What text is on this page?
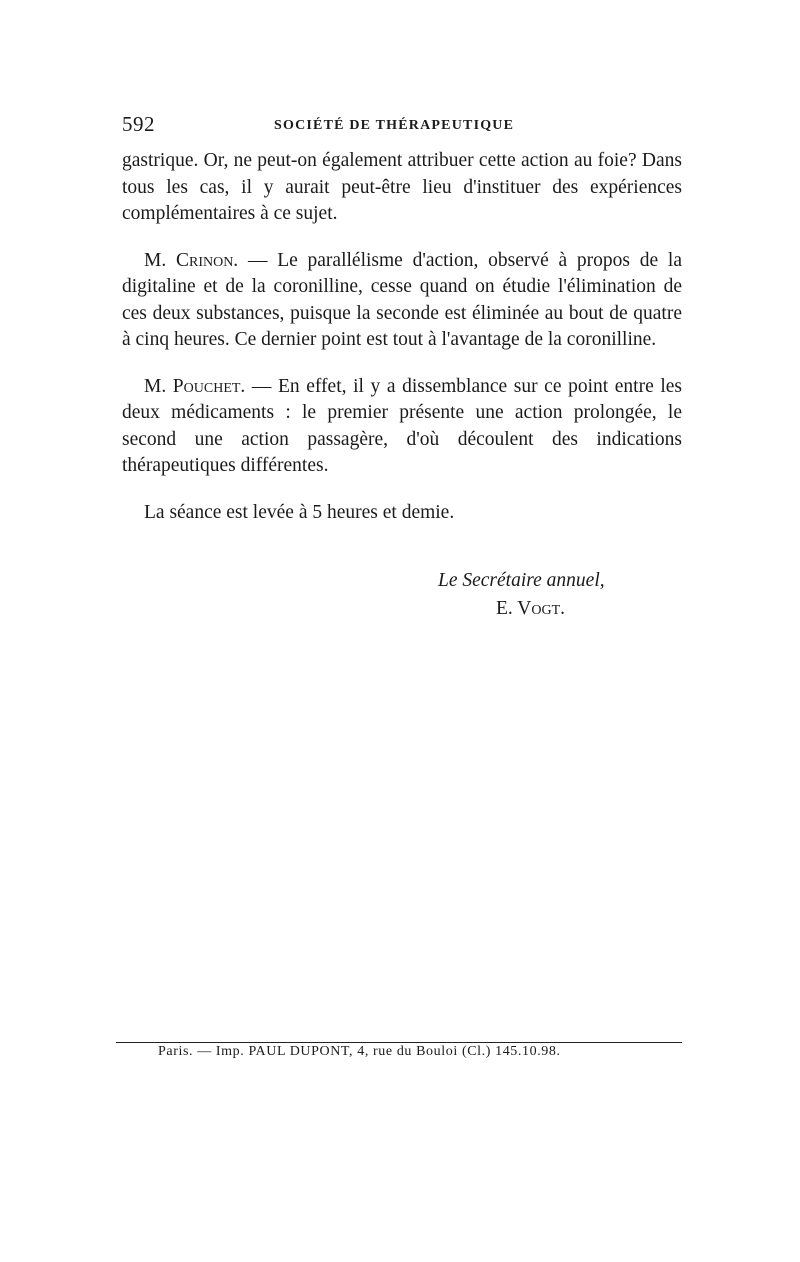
592	SOCIÉTÉ DE THÉRAPEUTIQUE

gastrique. Or, ne peut-on également attribuer cette action au foie? Dans tous les cas, il y aurait peut-être lieu d'instituer des expériences complémentaires à ce sujet.

M. Crinon. — Le parallélisme d'action, observé à propos de la digitaline et de la coronilline, cesse quand on étudie l'élimination de ces deux substances, puisque la seconde est éliminée au bout de quatre à cinq heures. Ce dernier point est tout à l'avantage de la coronilline.

M. Pouchet. — En effet, il y a dissemblance sur ce point entre les deux médicaments : le premier présente une action prolongée, le second une action passagère, d'où découlent des indications thérapeutiques différentes.

La séance est levée à 5 heures et demie.

Le Secrétaire annuel,
E. Vogt.
Paris. — Imp. PAUL DUPONT, 4, rue du Bouloi (Cl.) 145.10.98.
